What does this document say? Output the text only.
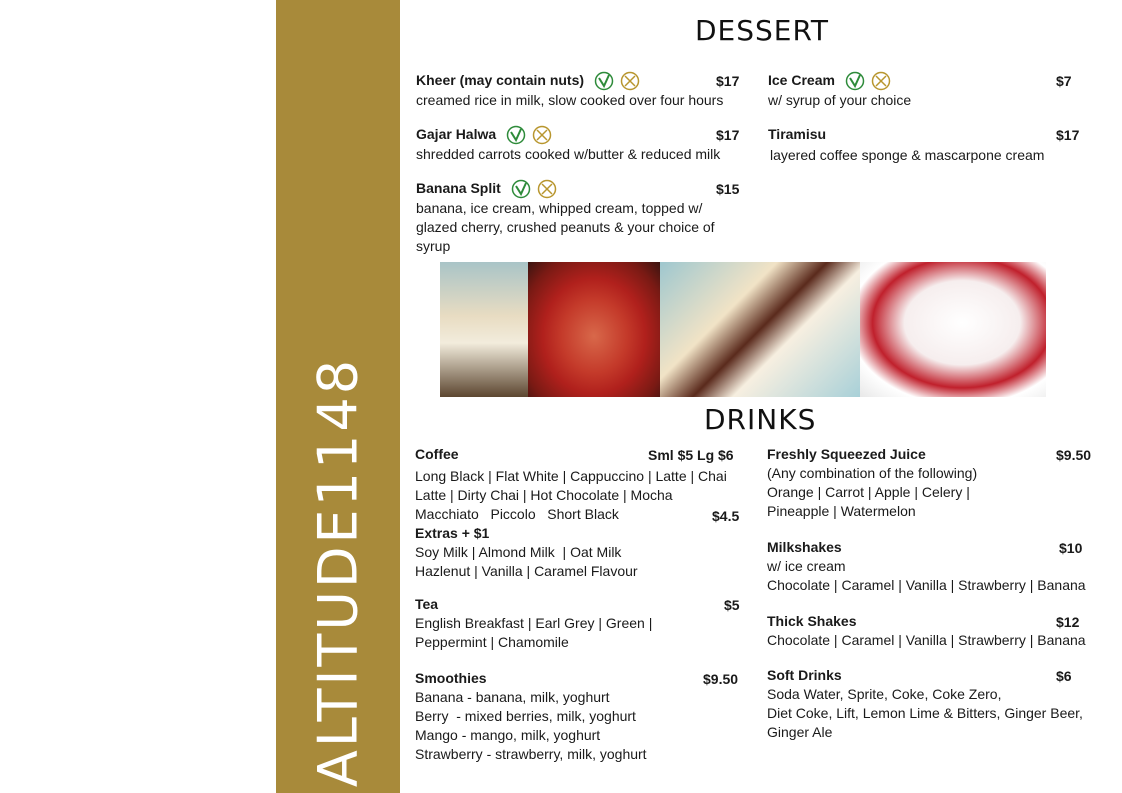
ALTITUDE1148
DESSERT
Kheer (may contain nuts)	$17
creamed rice in milk, slow cooked over four hours
Gajar Halwa	$17
shredded carrots cooked w/butter & reduced milk
Banana Split	$15
banana, ice cream, whipped cream, topped w/ glazed cherry, crushed peanuts & your choice of syrup
Ice Cream	$7
w/ syrup of your choice
Tiramisu	$17
layered coffee sponge & mascarpone cream
DRINKS
Coffee	Sml $5 Lg $6
Long Black | Flat White | Cappuccino | Latte | Chai
Latte | Dirty Chai | Hot Chocolate | Mocha
Macchiato   Piccolo   Short Black	$4.5
Extras + $1
Soy Milk | Almond Milk  | Oat Milk
Hazlenut | Vanilla | Caramel Flavour
Tea	$5
English Breakfast | Earl Grey | Green |
Peppermint | Chamomile
Smoothies	$9.50
Banana - banana, milk, yoghurt
Berry  - mixed berries, milk, yoghurt
Mango - mango, milk, yoghurt
Strawberry - strawberry, milk, yoghurt
Freshly Squeezed Juice	$9.50
(Any combination of the following)
Orange | Carrot | Apple | Celery |
Pineapple | Watermelon
Milkshakes	$10
w/ ice cream
Chocolate | Caramel | Vanilla | Strawberry | Banana
Thick Shakes	$12
Chocolate | Caramel | Vanilla | Strawberry | Banana
Soft Drinks	$6
Soda Water, Sprite, Coke, Coke Zero,
Diet Coke, Lift, Lemon Lime & Bitters, Ginger Beer,
Ginger Ale
